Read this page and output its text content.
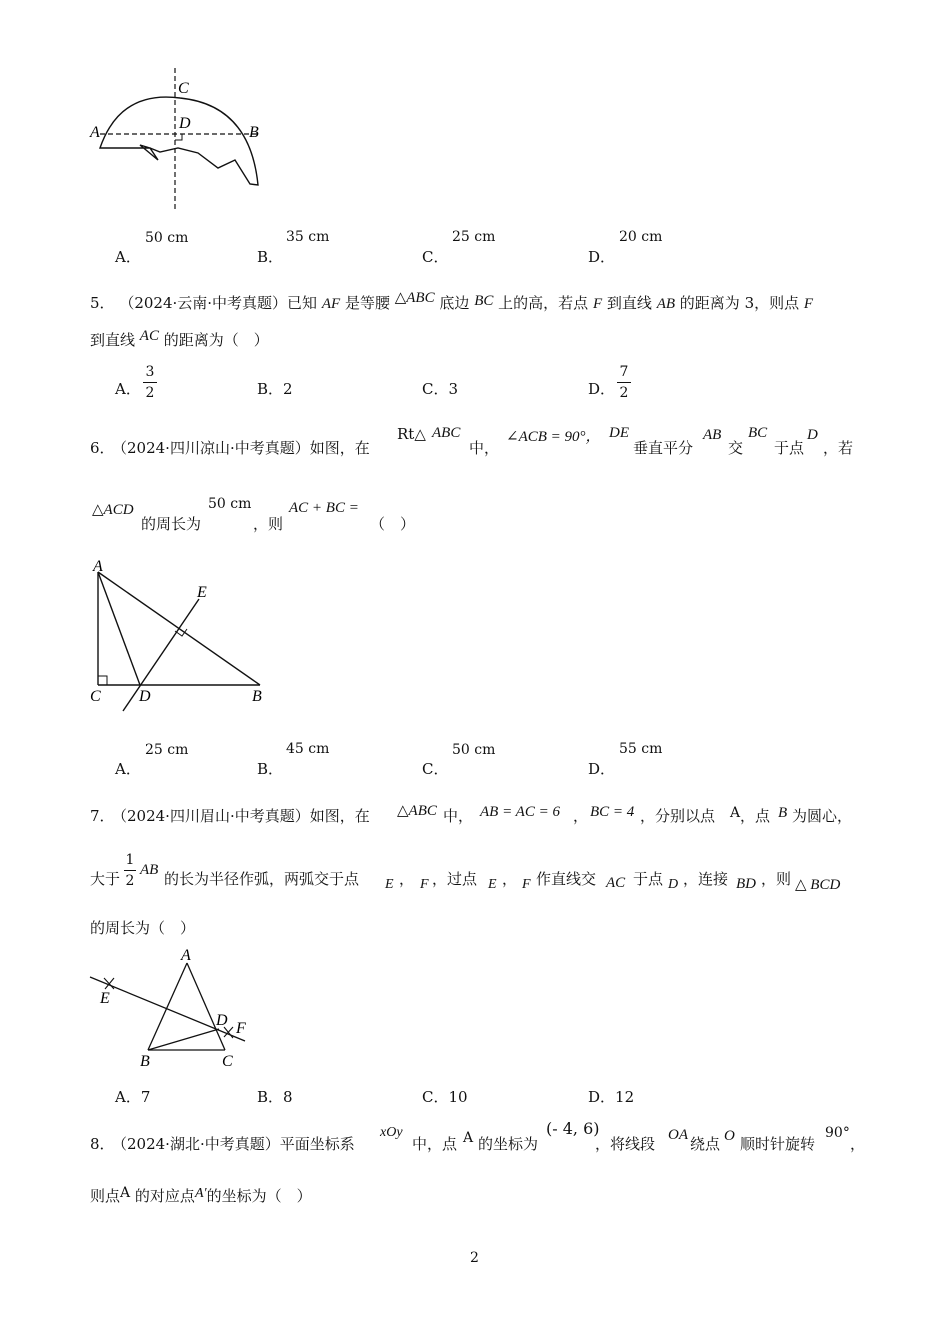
C
D
A	B
50 cm
A．
35 cm
B．
25 cm
C．
20 cm
D．
5． （2024·云南·中考真题）已知 AF 是等腰 △ABC 底边 BC 上的高，若点 F 到直线 AB 的距离为 3，则点 F
到直线 AC 的距离为（　）
A．
3
2	B．2	C．3	D．
7
2
6．
（2024·四川凉山·中考真题）如图，在
Rt△ ABC
中，
∠ACB = 90°， DE
垂直平分
AB
交
BC
于点
D
，若
△ACD
的周长为
50 cm
，则
AC + BC =
（　）
A
E
C D	B
25 cm
A．
45 cm
B．
50 cm
C．
55 cm
D．
7．
（2024·四川眉山·中考真题）如图，在 △ABC 中， AB = AC = 6 ， BC = 4 ，分别以点 A ，点 B 为圆心，
大于
1
2
AB 的长为半径作弧，两弧交于点 E ， F ，过点 E ， F 作直线交 AC 于点 D ，连接 BD ，则 △ BCD
的周长为（　）
A
E
D F
B	C
A．7	B．8	C．10	D．12
8．
（2024·湖北·中考真题）平面坐标系
xOy
中，点 A 的坐标为
(- 4, 6)
，将线段 OA 绕点 O 顺时针旋转
90°
，
则点A 的对应点A′的坐标为（　）
2
